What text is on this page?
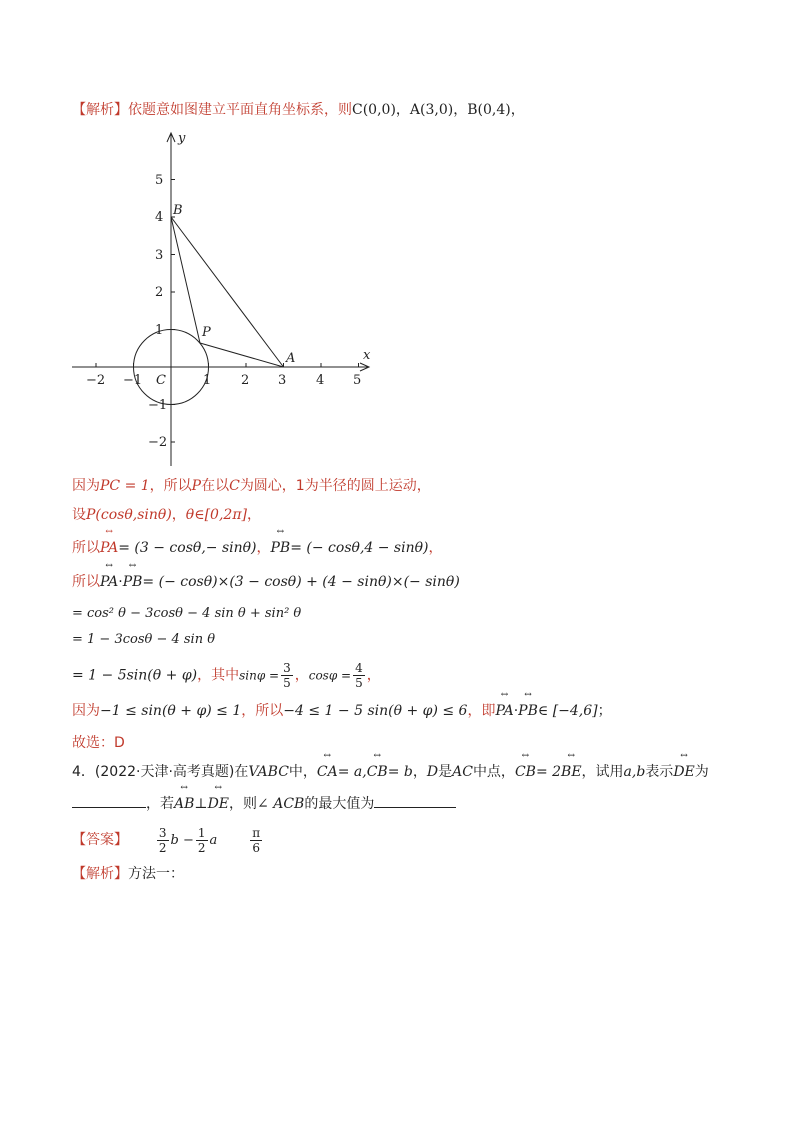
【解析】依题意如图建立平面直角坐标系，则C(0,0)，A(3,0)，B(0,4)，
x
y
−2 −1	1 2 3 4 5
5
4
3
2
1
−1
−2
B
P
A
C
因为PC = 1，所以P在以C为圆心，1为半径的圆上运动，
设P(cosθ,sinθ)，θ∈[0,2π]，
所以↔ PA= (3 − cosθ,− sinθ)，↔ PB= (− cosθ,4 − sinθ)，
所以↔ PA·↔ PB= (− cosθ)×(3 − cosθ) + (4 − sinθ)×(− sinθ)
= cos² θ − 3cosθ − 4 sin θ + sin² θ
= 1 − 3cosθ − 4 sin θ
= 1 − 5sin(θ + φ)，其中$\sin\varphi = \frac{3}{5}$ ，$\cos\varphi = \frac{4}{5}$ ，
因为−1 ≤ sin(θ + φ) ≤ 1，所以−4 ≤ 1 − 5 sin(θ + φ) ≤ 6，即↔ PA·↔ PB∈ [−4,6]；
故选：D
4．(2022·天津·高考真题)在VABC中，↔ CA= a,↔ CB= b，D是AC中点，↔ CB= 2↔ BE，试用a,b表示↔ DE为
，若↔ AB⊥↔ DE，则∠ ACB的最大值为
【答案】 $\frac{3}{2}$ $b - \frac{1}{2}$ a	$\frac{\pi}{6}$
【解析】方法一：
